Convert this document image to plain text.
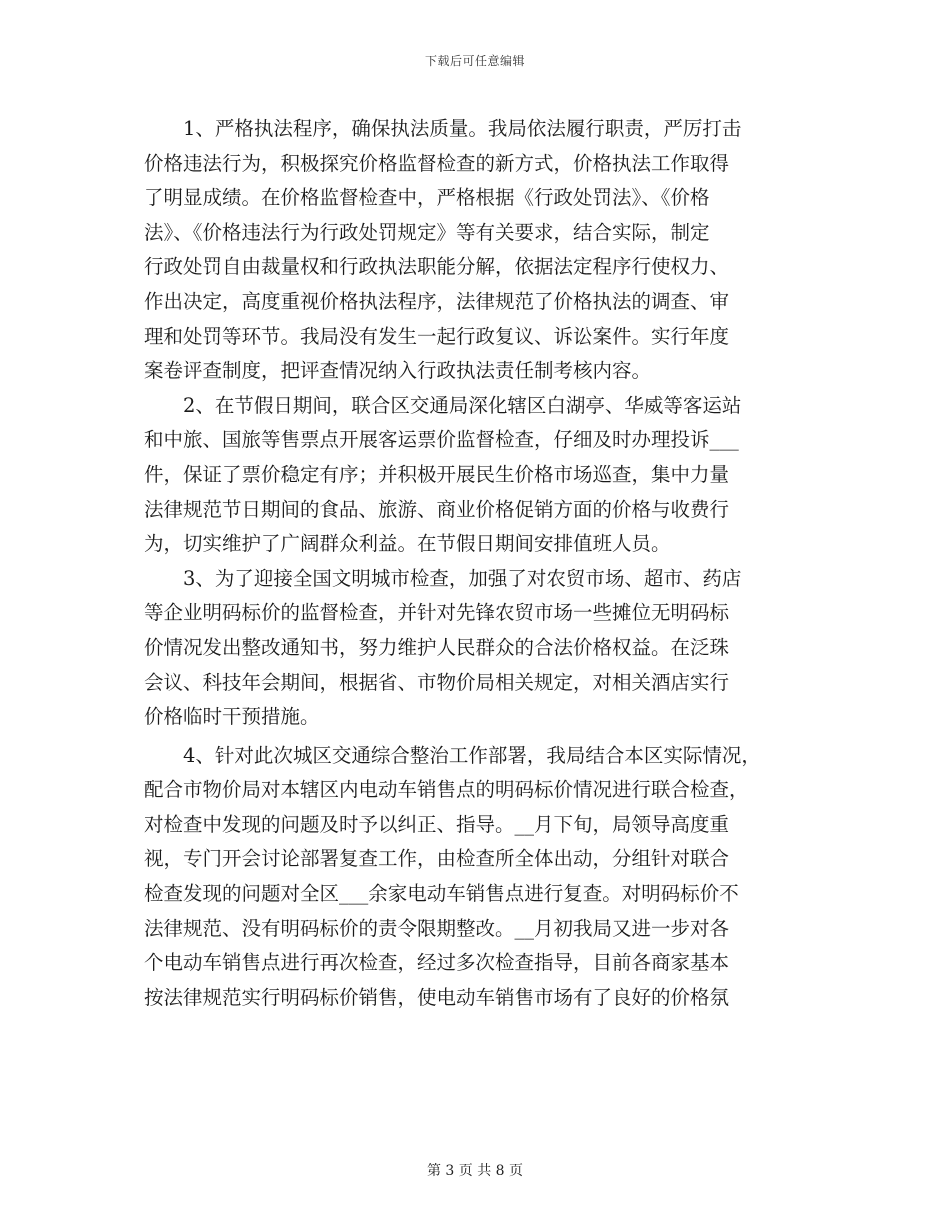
下载后可任意编辑
1、严格执法程序，确保执法质量。我局依法履行职责，严厉打击
价格违法行为，积极探究价格监督检查的新方式，价格执法工作取得
了明显成绩。在价格监督检查中，严格根据《行政处罚法》、《价格
法》、《价格违法行为行政处罚规定》等有关要求，结合实际，制定
行政处罚自由裁量权和行政执法职能分解，依据法定程序行使权力、
作出决定，高度重视价格执法程序，法律规范了价格执法的调查、审
理和处罚等环节。我局没有发生一起行政复议、诉讼案件。实行年度
案卷评查制度，把评查情况纳入行政执法责任制考核内容。
2、在节假日期间，联合区交通局深化辖区白湖亭、华威等客运站
和中旅、国旅等售票点开展客运票价监督检查，仔细及时办理投诉___
件，保证了票价稳定有序；并积极开展民生价格市场巡查，集中力量
法律规范节日期间的食品、旅游、商业价格促销方面的价格与收费行
为，切实维护了广阔群众利益。在节假日期间安排值班人员。
3、为了迎接全国文明城市检查，加强了对农贸市场、超市、药店
等企业明码标价的监督检查，并针对先锋农贸市场一些摊位无明码标
价情况发出整改通知书，努力维护人民群众的合法价格权益。在泛珠
会议、科技年会期间，根据省、市物价局相关规定，对相关酒店实行
价格临时干预措施。
4、针对此次城区交通综合整治工作部署，我局结合本区实际情况，
配合市物价局对本辖区内电动车销售点的明码标价情况进行联合检查，
对检查中发现的问题及时予以纠正、指导。__月下旬，局领导高度重
视，专门开会讨论部署复查工作，由检查所全体出动，分组针对联合
检查发现的问题对全区___余家电动车销售点进行复查。对明码标价不
法律规范、没有明码标价的责令限期整改。__月初我局又进一步对各
个电动车销售点进行再次检查，经过多次检查指导，目前各商家基本
按法律规范实行明码标价销售，使电动车销售市场有了良好的价格氛
第 3 页 共 8 页
